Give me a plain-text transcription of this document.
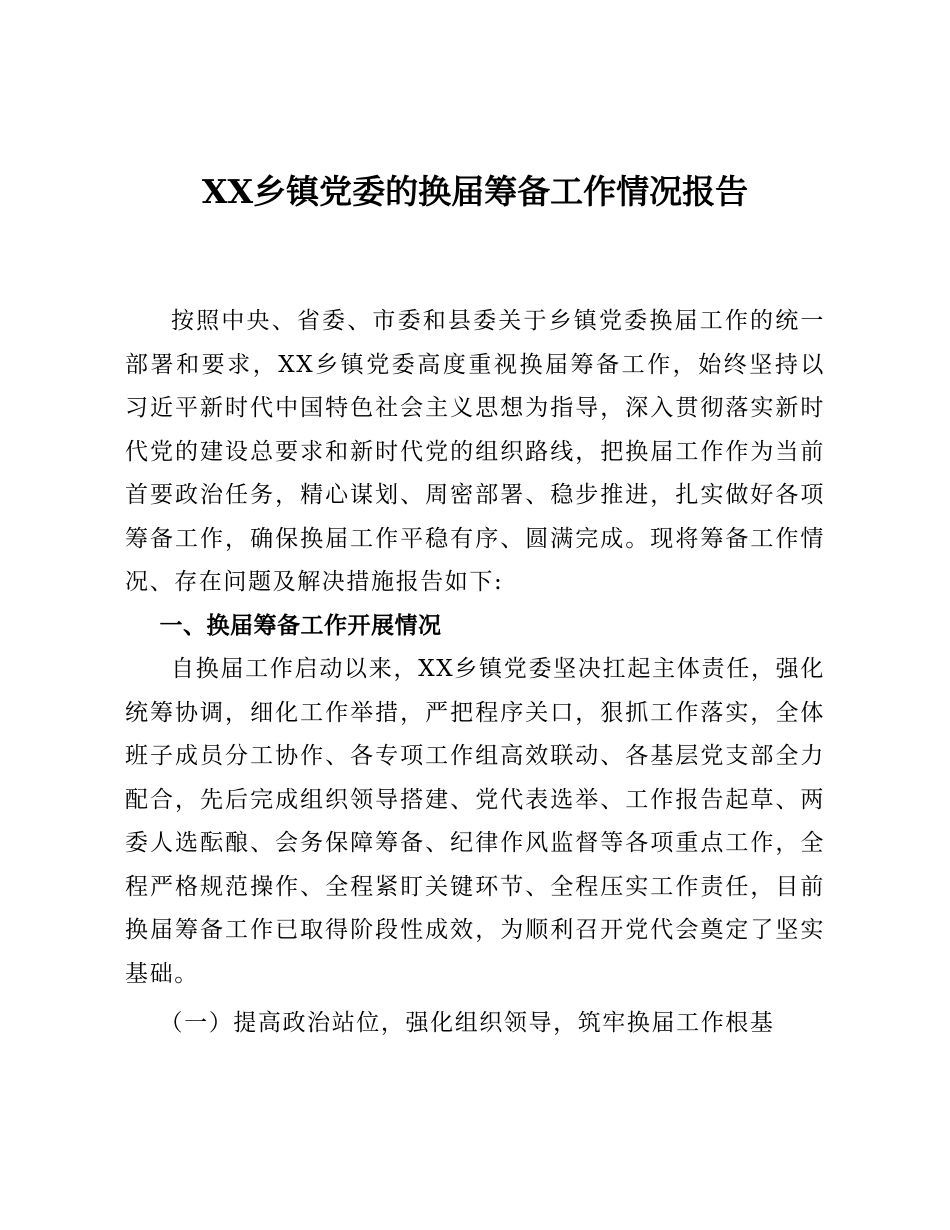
XX乡镇党委的换届筹备工作情况报告

按照中央、省委、市委和县委关于乡镇党委换届工作的统一部署和要求，XX乡镇党委高度重视换届筹备工作，始终坚持以习近平新时代中国特色社会主义思想为指导，深入贯彻落实新时代党的建设总要求和新时代党的组织路线，把换届工作作为当前首要政治任务，精心谋划、周密部署、稳步推进，扎实做好各项筹备工作，确保换届工作平稳有序、圆满完成。现将筹备工作情况、存在问题及解决措施报告如下:

一、换届筹备工作开展情况

自换届工作启动以来，XX乡镇党委坚决扛起主体责任，强化统筹协调，细化工作举措，严把程序关口，狠抓工作落实，全体班子成员分工协作、各专项工作组高效联动、各基层党支部全力配合，先后完成组织领导搭建、党代表选举、工作报告起草、两委人选酝酿、会务保障筹备、纪律作风监督等各项重点工作，全程严格规范操作、全程紧盯关键环节、全程压实工作责任，目前换届筹备工作已取得阶段性成效，为顺利召开党代会奠定了坚实基础。

（一）提高政治站位，强化组织领导，筑牢换届工作根基
